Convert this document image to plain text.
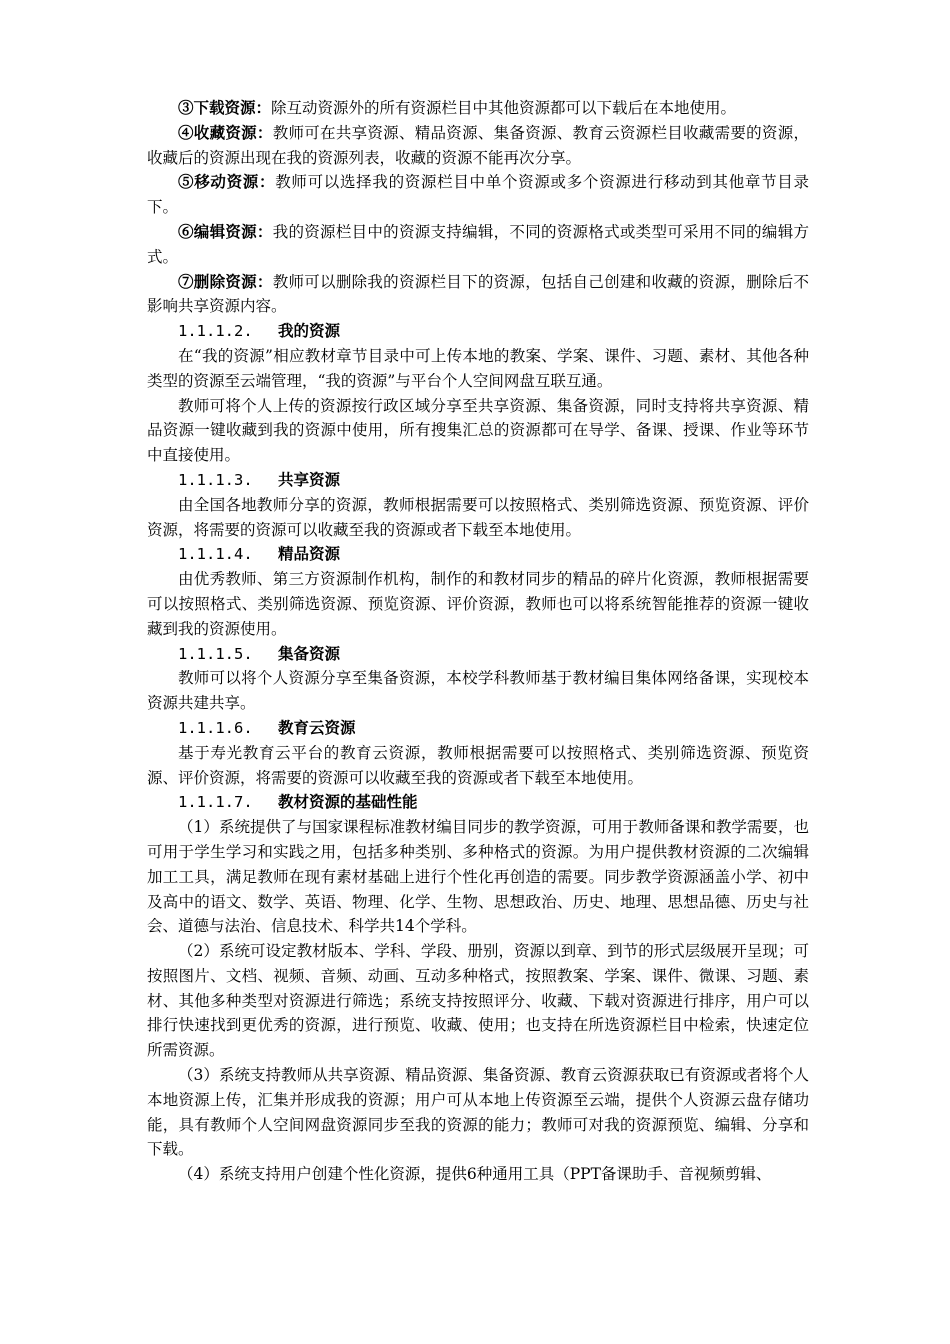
③下载资源：除互动资源外的所有资源栏目中其他资源都可以下载后在本地使用。

④收藏资源：教师可在共享资源、精品资源、集备资源、教育云资源栏目收藏需要的资源，收藏后的资源出现在我的资源列表，收藏的资源不能再次分享。

⑤移动资源：教师可以选择我的资源栏目中单个资源或多个资源进行移动到其他章节目录下。

⑥编辑资源：我的资源栏目中的资源支持编辑，不同的资源格式或类型可采用不同的编辑方式。

⑦删除资源：教师可以删除我的资源栏目下的资源，包括自己创建和收藏的资源，删除后不影响共享资源内容。

1.1.1.2.	我的资源

在“我的资源”相应教材章节目录中可上传本地的教案、学案、课件、习题、素材、其他各种类型的资源至云端管理，“我的资源”与平台个人空间网盘互联互通。

教师可将个人上传的资源按行政区域分享至共享资源、集备资源，同时支持将共享资源、精品资源一键收藏到我的资源中使用，所有搜集汇总的资源都可在导学、备课、授课、作业等环节中直接使用。

1.1.1.3.	共享资源

由全国各地教师分享的资源，教师根据需要可以按照格式、类别筛选资源、预览资源、评价资源，将需要的资源可以收藏至我的资源或者下载至本地使用。

1.1.1.4.	精品资源

由优秀教师、第三方资源制作机构，制作的和教材同步的精品的碎片化资源，教师根据需要可以按照格式、类别筛选资源、预览资源、评价资源，教师也可以将系统智能推荐的资源一键收藏到我的资源使用。

1.1.1.5.	集备资源

教师可以将个人资源分享至集备资源，本校学科教师基于教材编目集体网络备课，实现校本资源共建共享。

1.1.1.6.	教育云资源

基于寿光教育云平台的教育云资源，教师根据需要可以按照格式、类别筛选资源、预览资源、评价资源，将需要的资源可以收藏至我的资源或者下载至本地使用。

1.1.1.7.	教材资源的基础性能

（1）系统提供了与国家课程标准教材编目同步的教学资源，可用于教师备课和教学需要，也可用于学生学习和实践之用，包括多种类别、多种格式的资源。为用户提供教材资源的二次编辑加工工具，满足教师在现有素材基础上进行个性化再创造的需要。同步教学资源涵盖小学、初中及高中的语文、数学、英语、物理、化学、生物、思想政治、历史、地理、思想品德、历史与社会、道德与法治、信息技术、科学共14个学科。

（2）系统可设定教材版本、学科、学段、册别，资源以到章、到节的形式层级展开呈现；可按照图片、文档、视频、音频、动画、互动多种格式，按照教案、学案、课件、微课、习题、素材、其他多种类型对资源进行筛选；系统支持按照评分、收藏、下载对资源进行排序，用户可以排行快速找到更优秀的资源，进行预览、收藏、使用；也支持在所选资源栏目中检索，快速定位所需资源。

（3）系统支持教师从共享资源、精品资源、集备资源、教育云资源获取已有资源或者将个人本地资源上传，汇集并形成我的资源；用户可从本地上传资源至云端，提供个人资源云盘存储功能，具有教师个人空间网盘资源同步至我的资源的能力；教师可对我的资源预览、编辑、分享和下载。

（4）系统支持用户创建个性化资源，提供6种通用工具（PPT备课助手、音视频剪辑、
